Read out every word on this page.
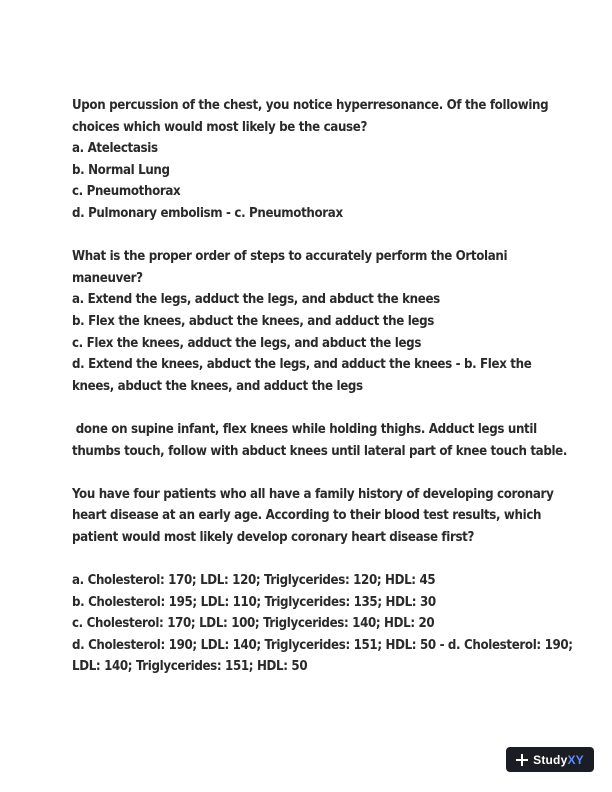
Upon percussion of the chest, you notice hyperresonance. Of the following
choices which would most likely be the cause?
a. Atelectasis
b. Normal Lung
c. Pneumothorax
d. Pulmonary embolism - c. Pneumothorax
What is the proper order of steps to accurately perform the Ortolani
maneuver?
a. Extend the legs, adduct the legs, and abduct the knees
b. Flex the knees, abduct the knees, and adduct the legs
c. Flex the knees, adduct the legs, and abduct the legs
d. Extend the knees, abduct the legs, and adduct the knees - b. Flex the
knees, abduct the knees, and adduct the legs
done on supine infant, flex knees while holding thighs. Adduct legs until
thumbs touch, follow with abduct knees until lateral part of knee touch table.
You have four patients who all have a family history of developing coronary
heart disease at an early age. According to their blood test results, which
patient would most likely develop coronary heart disease first?
a. Cholesterol: 170; LDL: 120; Triglycerides: 120; HDL: 45
b. Cholesterol: 195; LDL: 110; Triglycerides: 135; HDL: 30
c. Cholesterol: 170; LDL: 100; Triglycerides: 140; HDL: 20
d. Cholesterol: 190; LDL: 140; Triglycerides: 151; HDL: 50 - d. Cholesterol: 190;
LDL: 140; Triglycerides: 151; HDL: 50
StudyXY
